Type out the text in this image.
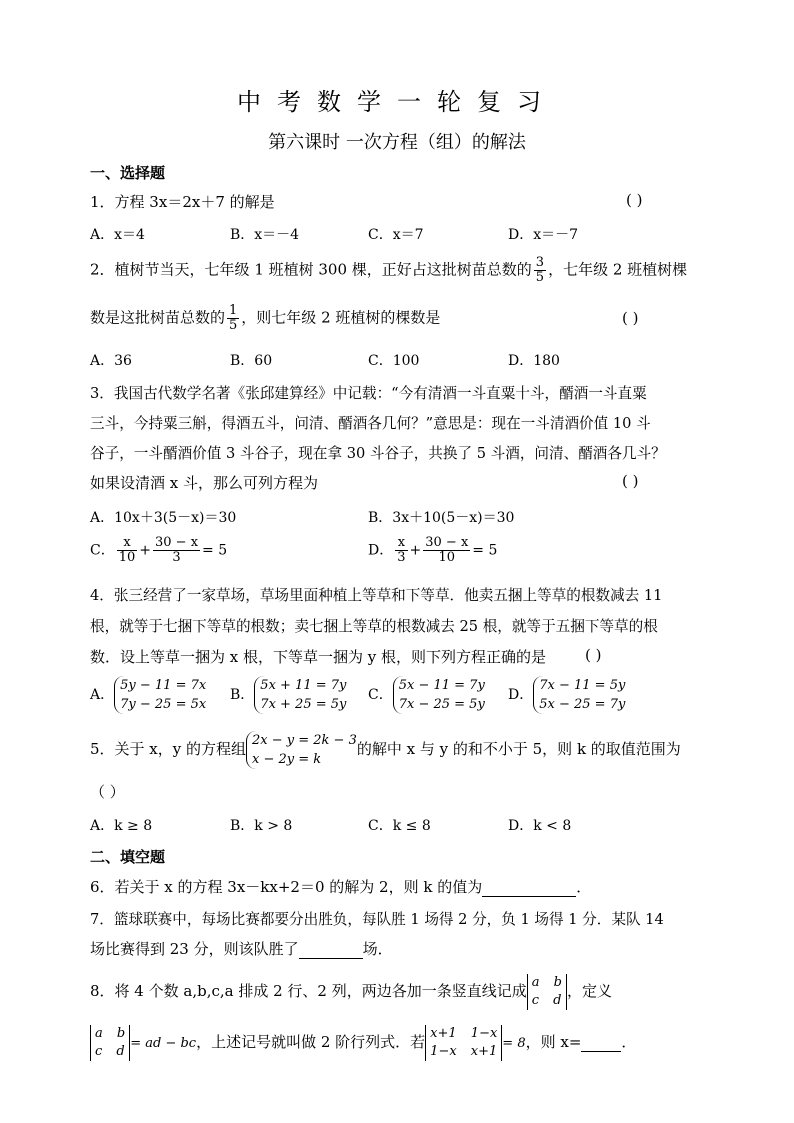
中考数学一轮复习
第六课时 一次方程（组）的解法
一、选择题
1．方程 3x＝2x＋7 的解是	( )
A．x＝4	B．x＝－4	C．x＝7	D．x＝－7
2．植树节当天，七年级 1 班植树 300 棵，正好占这批树苗总数的 $\frac{3}{5}$ ，七年级 2 班植树棵
数是这批树苗总数的 $\frac{1}{5}$ ，则七年级 2 班植树的棵数是	( )
A．36	B．60	C．100	D．180
3．我国古代数学名著《张邱建算经》中记载：“今有清酒一斗直粟十斗，醑酒一斗直粟
三斗，今持粟三斛，得酒五斗，问清、醑酒各几何？”意思是：现在一斗清酒价值 10 斗
谷子，一斗醑酒价值 3 斗谷子，现在拿 30 斗谷子，共换了 5 斗酒，问清、醑酒各几斗？
如果设清酒 x 斗，那么可列方程为	( )
A．10x＋3(5－x)＝30	B．3x＋10(5－x)＝30
C． $\frac{x}{10} + \frac{30 - x}{3} = 5$	D． $\frac{x}{3} + \frac{30 - x}{10} = 5$
4．张三经营了一家草场，草场里面种植上等草和下等草．他卖五捆上等草的根数减去 11
根，就等于七捆下等草的根数；卖七捆上等草的根数减去 25 根，就等于五捆下等草的根
数．设上等草一捆为 x 根，下等草一捆为 y 根，则下列方程正确的是	( )
A．
5y − 11 = 7x
7y − 25 = 5x
B．
5x + 11 = 7y
7x + 25 = 5y
C．
5x − 11 = 7y
7x − 25 = 5y
D．
7x − 11 = 5y
5x − 25 = 7y
5．关于 x，y 的方程组 2x − y = 2k − 3
x − 2y = k
的解中 x 与 y 的和不小于 5，则 k 的取值范围为
（ ）
A．k ≥ 8	B．k > 8	C．k ≤ 8	D．k < 8
二、填空题
6．若关于 x 的方程 3x－kx+2＝0 的解为 2，则 k 的值为	．
7．篮球联赛中，每场比赛都要分出胜负，每队胜 1 场得 2 分，负 1 场得 1 分．某队 14
场比赛得到 23 分，则该队胜了	场．
8．将 4 个数 a,b,c,a 排成 2 行、2 列，两边各加一条竖直线记成 a b
c d
，定义
a b
c d
= ad − bc，上述记号就叫做 2 阶行列式．若 x+1 1−x
1−x x+1
= 8，则 x=	．
